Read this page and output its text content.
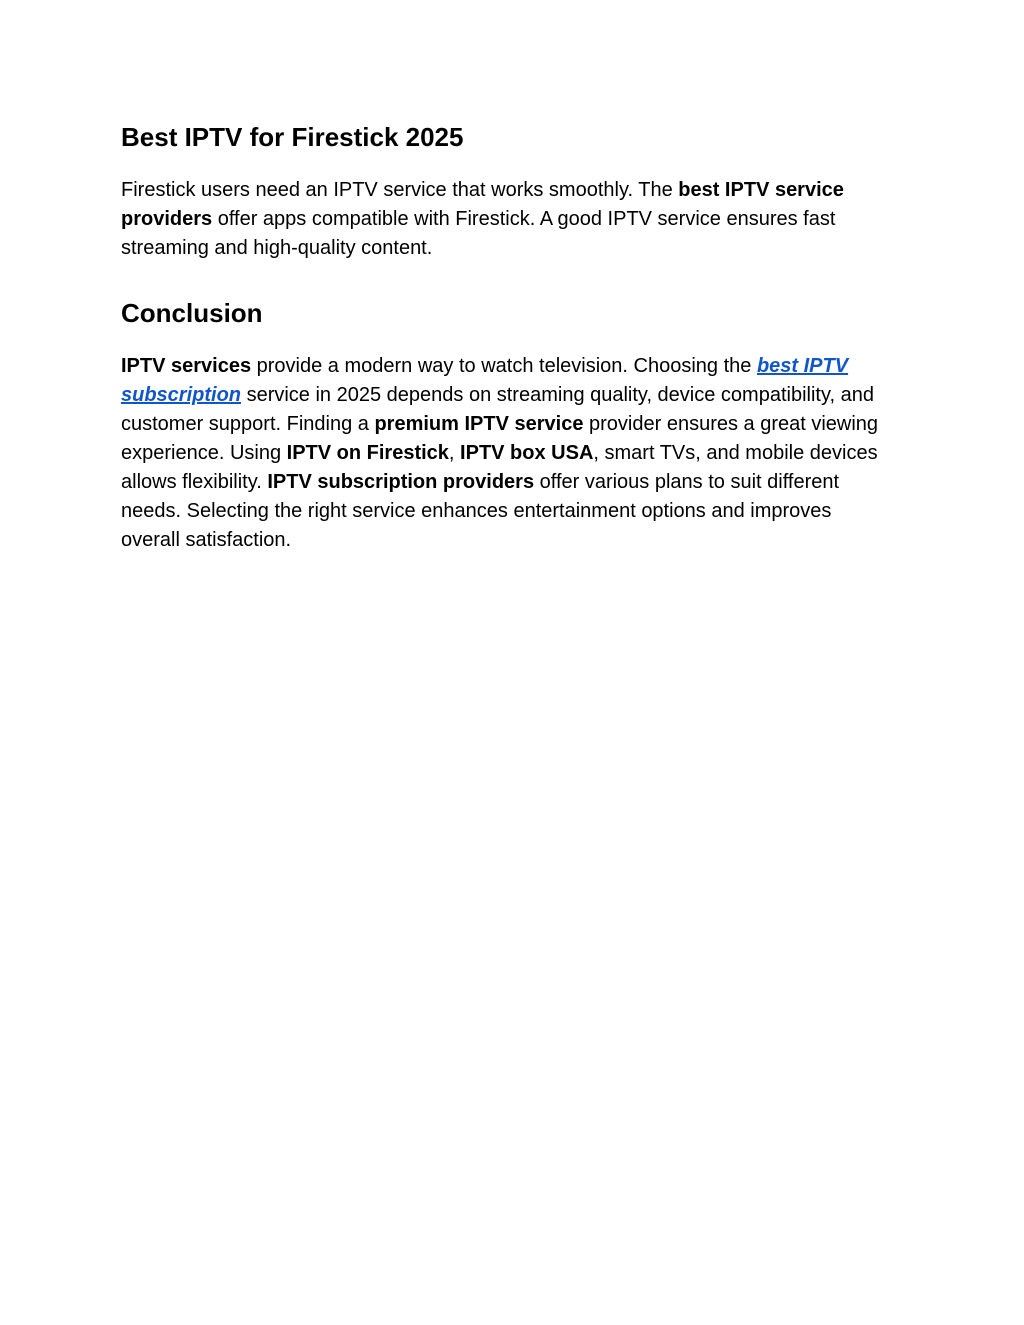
Best IPTV for Firestick 2025

Firestick users need an IPTV service that works smoothly. The best IPTV service providers offer apps compatible with Firestick. A good IPTV service ensures fast streaming and high-quality content.

Conclusion

IPTV services provide a modern way to watch television. Choosing the best IPTV subscription service in 2025 depends on streaming quality, device compatibility, and customer support. Finding a premium IPTV service provider ensures a great viewing experience. Using IPTV on Firestick, IPTV box USA, smart TVs, and mobile devices allows flexibility. IPTV subscription providers offer various plans to suit different needs. Selecting the right service enhances entertainment options and improves overall satisfaction.
